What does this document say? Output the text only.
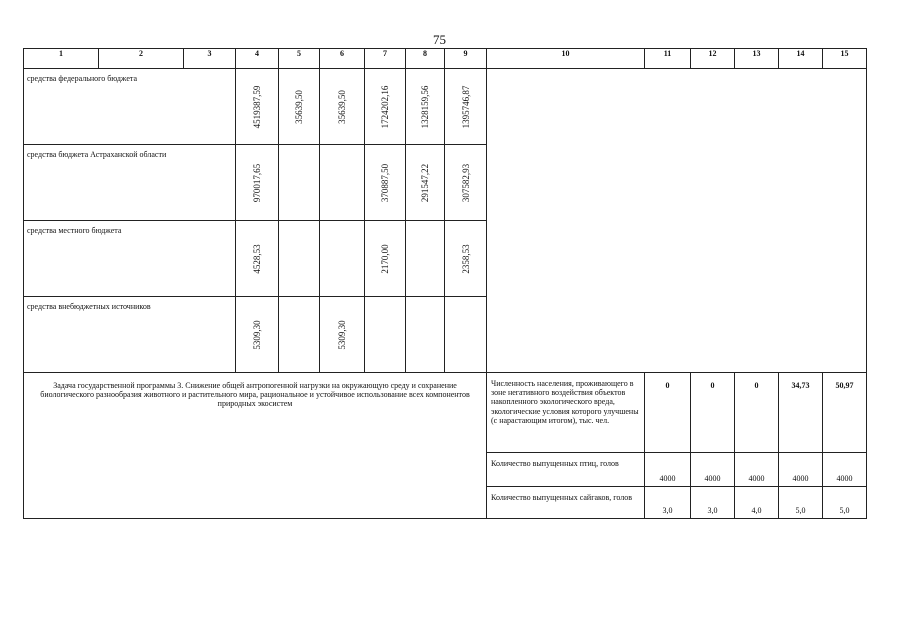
75
1	2	3	4	5	6	7	8	9	10	11	12	13	14	15
средства федерального бюджета			4519387,59	35639,50	35639,50	1724202,16	1328159,56	1395746,87						

средства бюджета Астраханской области			970017,65			370887,50	291547,22	307582,93						

средства местного бюджета			4528,53			2170,00		2358,53						

средства внебюджетных источников			5309,30		5309,30									

Задача государственной программы 3. Снижение общей антропогенной нагрузки на окружающую среду и сохранение биологического разнообразия животного и растительного мира, рациональное и устойчивое использование всех компонентов природных экосистем									Численность населения, проживающего в зоне негативного воздействия объектов накопленного экологического вреда, экологические условия которого улучшены (с нарастающим итогом), тыс. чел.	0	0	0	34,73	50,97
									Количество выпущенных птиц, голов	4000	4000	4000	4000	4000
									Количество выпущенных сайгаков, голов	3,0	3,0	4,0	5,0	5,0
